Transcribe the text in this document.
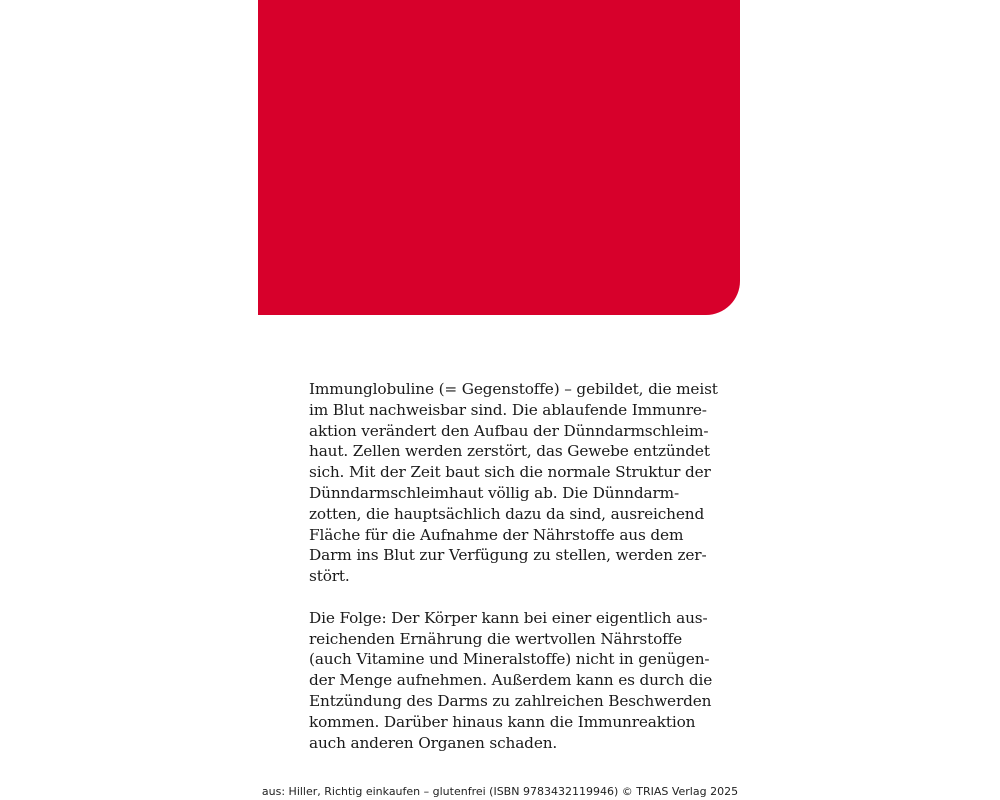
Immunglobuline (= Gegenstoffe) – gebildet, die meist
im Blut nachweisbar sind. Die ablaufende Immunre-
aktion verändert den Aufbau der Dünndarmschleim-
haut. Zellen werden zerstört, das Gewebe entzündet
sich. Mit der Zeit baut sich die normale Struktur der
Dünndarmschleimhaut völlig ab. Die Dünndarm-
zotten, die hauptsächlich dazu da sind, ausreichend
Fläche für die Aufnahme der Nährstoffe aus dem
Darm ins Blut zur Verfügung zu stellen, werden zer-
stört.

Die Folge: Der Körper kann bei einer eigentlich aus-
reichenden Ernährung die wertvollen Nährstoffe
(auch Vitamine und Mineralstoffe) nicht in genügen-
der Menge aufnehmen. Außerdem kann es durch die
Entzündung des Darms zu zahlreichen Beschwerden
kommen. Darüber hinaus kann die Immunreaktion
auch anderen Organen schaden.

aus: Hiller, Richtig einkaufen – glutenfrei (ISBN 9783432119946) © TRIAS Verlag 2025
